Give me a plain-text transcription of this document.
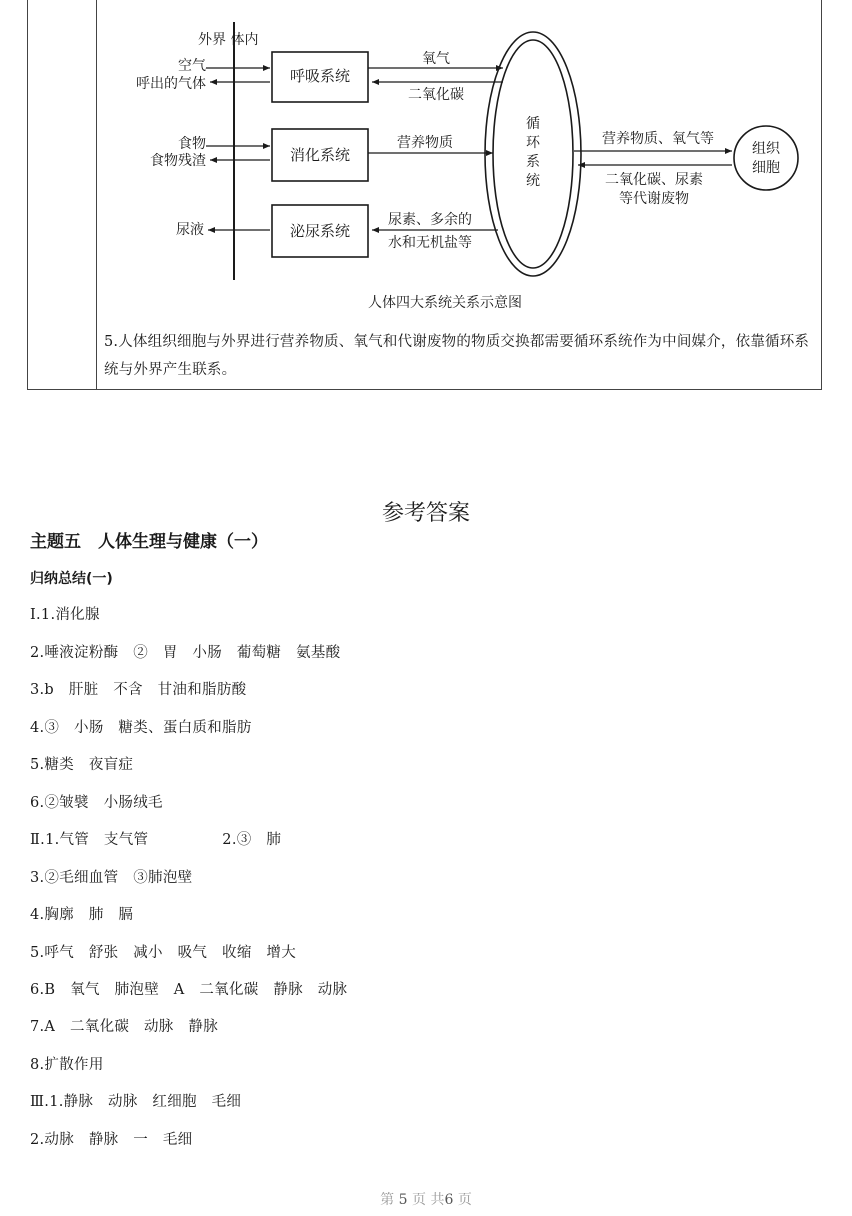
外界 体内
呼吸系统
消化系统
泌尿系统
空气
呼出的气体
食物
食物残渣
尿液
循
环
系
统
氧气
二氧化碳
营养物质
尿素、多余的
水和无机盐等
组织
细胞
营养物质、氧气等
二氧化碳、尿素
等代谢废物
人体四大系统关系示意图
5.人体组织细胞与外界进行营养物质、氧气和代谢废物的物质交换都需要循环系统作为中间媒介，依靠循环系统与外界产生联系。
参考答案
主题五　人体生理与健康（一）
归纳总结(一)
Ⅰ.1.消化腺
2.唾液淀粉酶　②　胃　小肠　葡萄糖　氨基酸
3.b　肝脏　不含　甘油和脂肪酸
4.③　小肠　糖类、蛋白质和脂肪
5.糖类　夜盲症
6.②皱襞　小肠绒毛
Ⅱ.1.气管　支气管　　　　　2.③　肺
3.②毛细血管　③肺泡壁
4.胸廓　肺　膈
5.呼气　舒张　减小　吸气　收缩　增大
6.B　氧气　肺泡壁　A　二氧化碳　静脉　动脉
7.A　二氧化碳　动脉　静脉
8.扩散作用
Ⅲ.1.静脉　动脉　红细胞　毛细
2.动脉　静脉　一　毛细
第 5 页 共6 页
